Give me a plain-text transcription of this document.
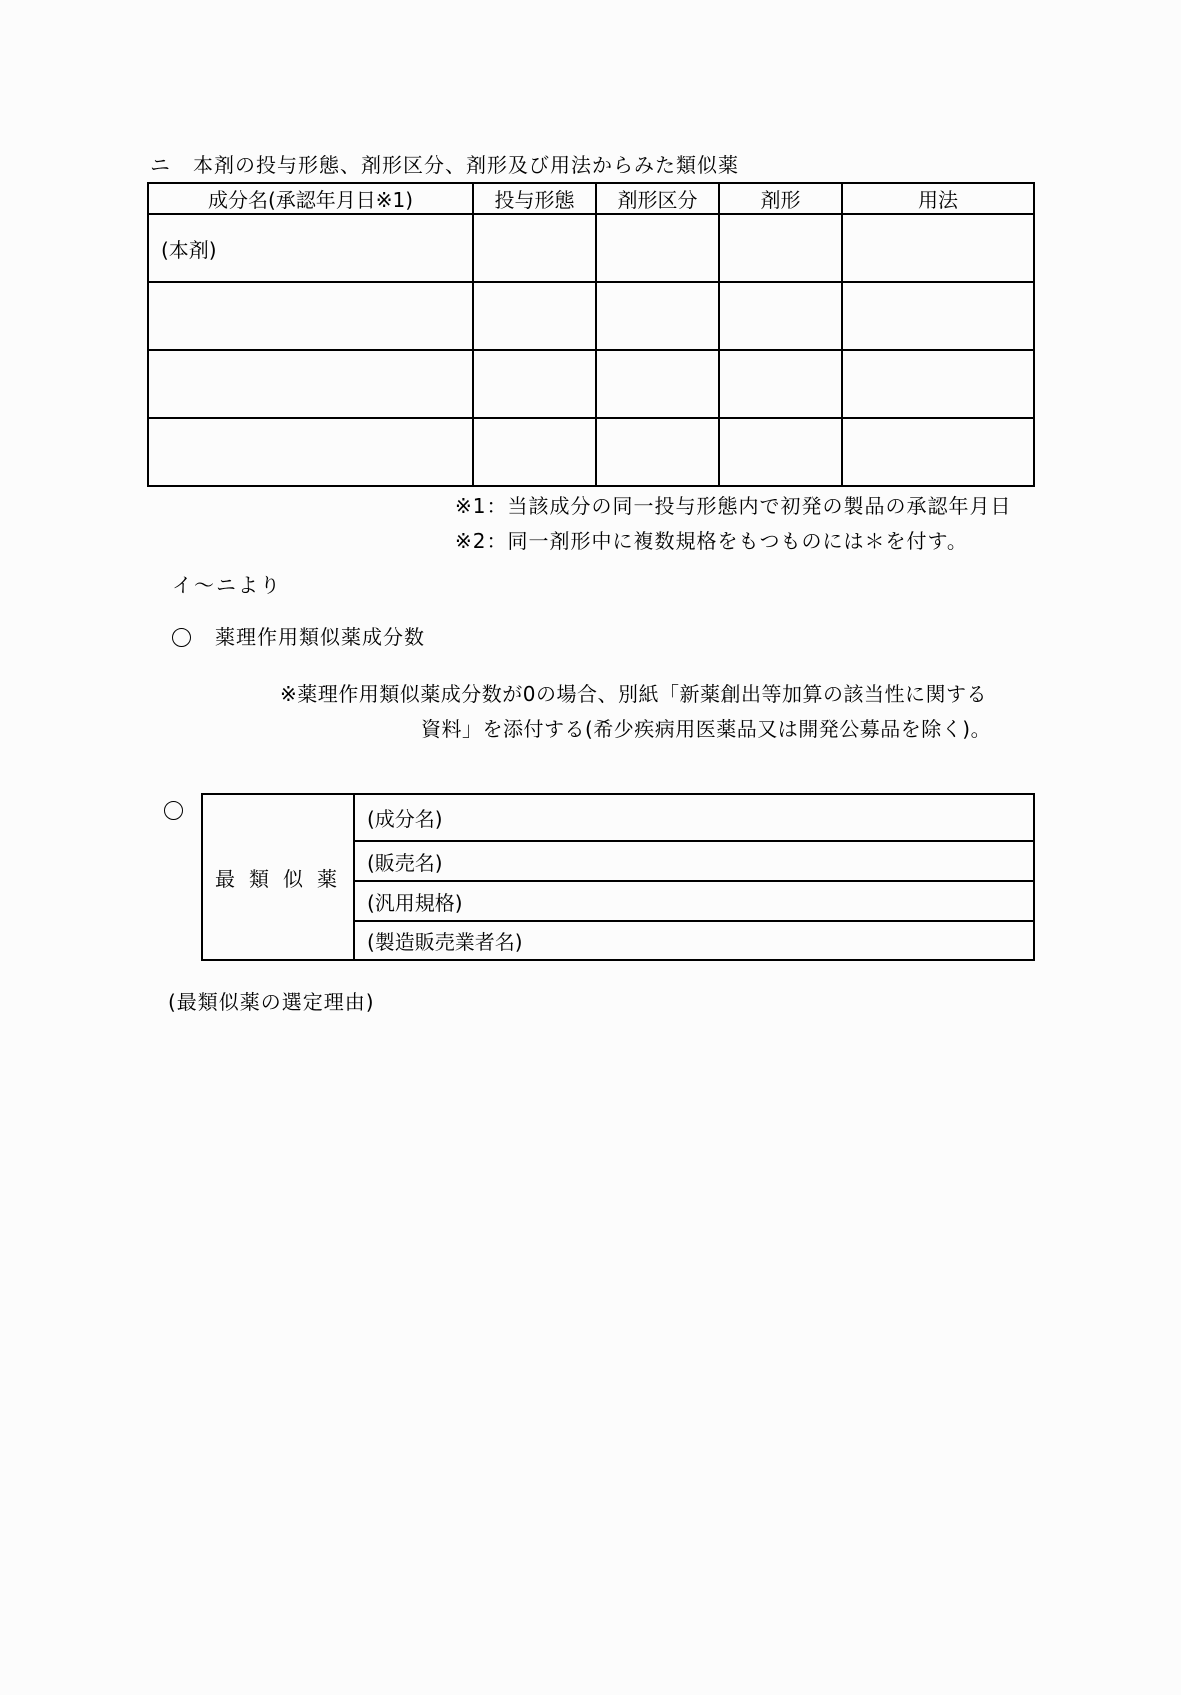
ニ 本剤の投与形態、剤形区分、剤形及び用法からみた類似薬
成分名(承認年月日※1)	投与形態	剤形区分	剤形	用法
(本剤)				

※1：当該成分の同一投与形態内で初発の製品の承認年月日
※2：同一剤形中に複数規格をもつものには＊を付す。
イ～ニより
薬理作用類似薬成分数
※薬理作用類似薬成分数が0の場合、別紙「新薬創出等加算の該当性に関する
資料」を添付する(希少疾病用医薬品又は開発公募品を除く)。
最類似薬	(成分名)
(販売名)
(汎用規格)
(製造販売業者名)
(最類似薬の選定理由)
